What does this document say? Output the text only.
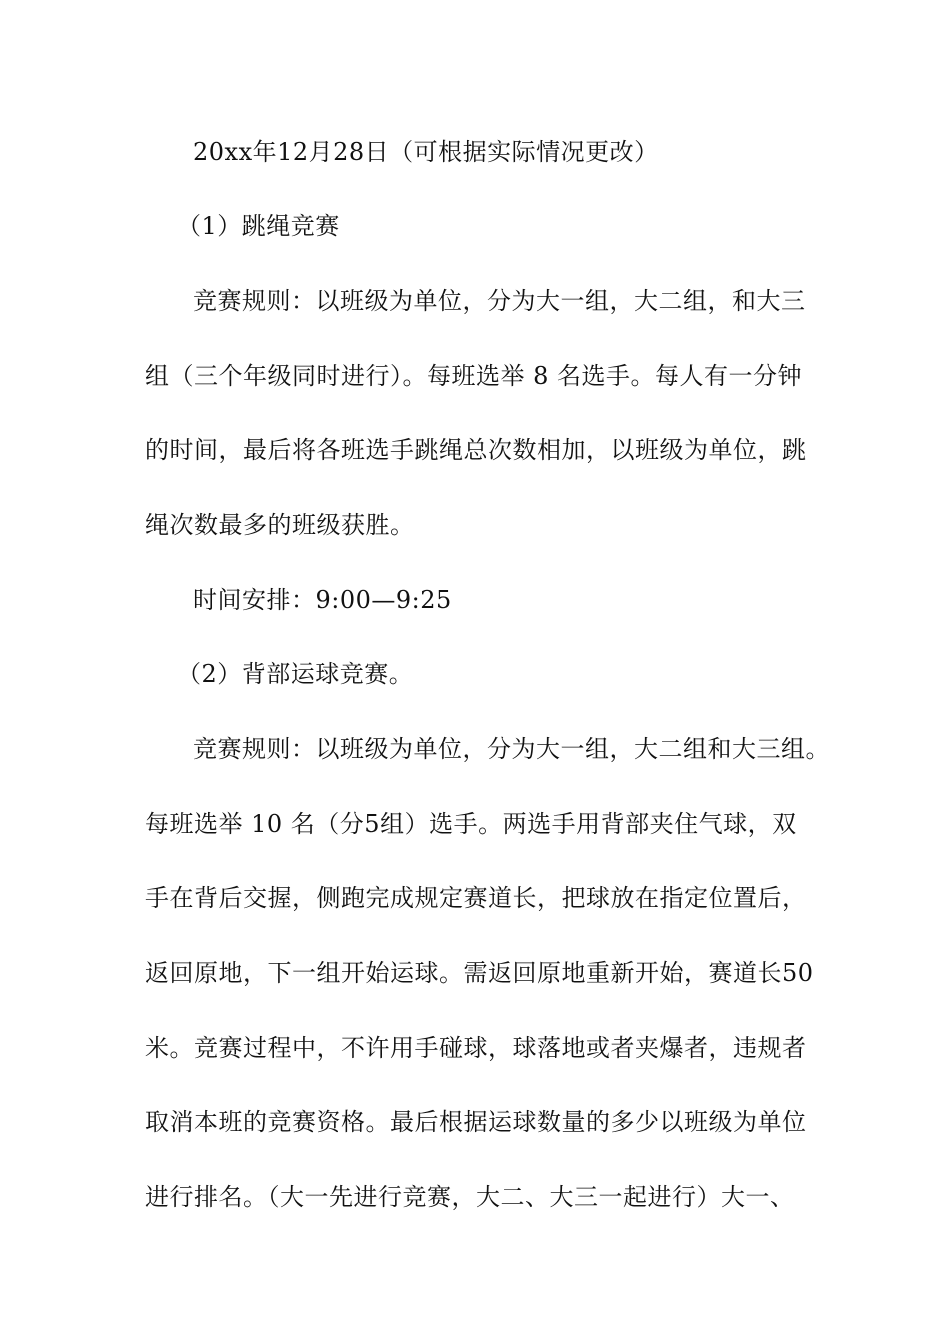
20xx年12月28日（可根据实际情况更改）
（1）跳绳竞赛
竞赛规则：以班级为单位，分为大一组，大二组，和大三
组（三个年级同时进行）。每班选举 8 名选手。每人有一分钟
的时间，最后将各班选手跳绳总次数相加，以班级为单位，跳
绳次数最多的班级获胜。
时间安排：9:00—9:25
（2）背部运球竞赛。
竞赛规则：以班级为单位，分为大一组，大二组和大三组。
每班选举 10 名（分5组）选手。两选手用背部夹住气球，双
手在背后交握，侧跑完成规定赛道长，把球放在指定位置后，
返回原地，下一组开始运球。需返回原地重新开始，赛道长50
米。竞赛过程中，不许用手碰球，球落地或者夹爆者，违规者
取消本班的竞赛资格。最后根据运球数量的多少以班级为单位
进行排名。（大一先进行竞赛，大二、大三一起进行）大一、
